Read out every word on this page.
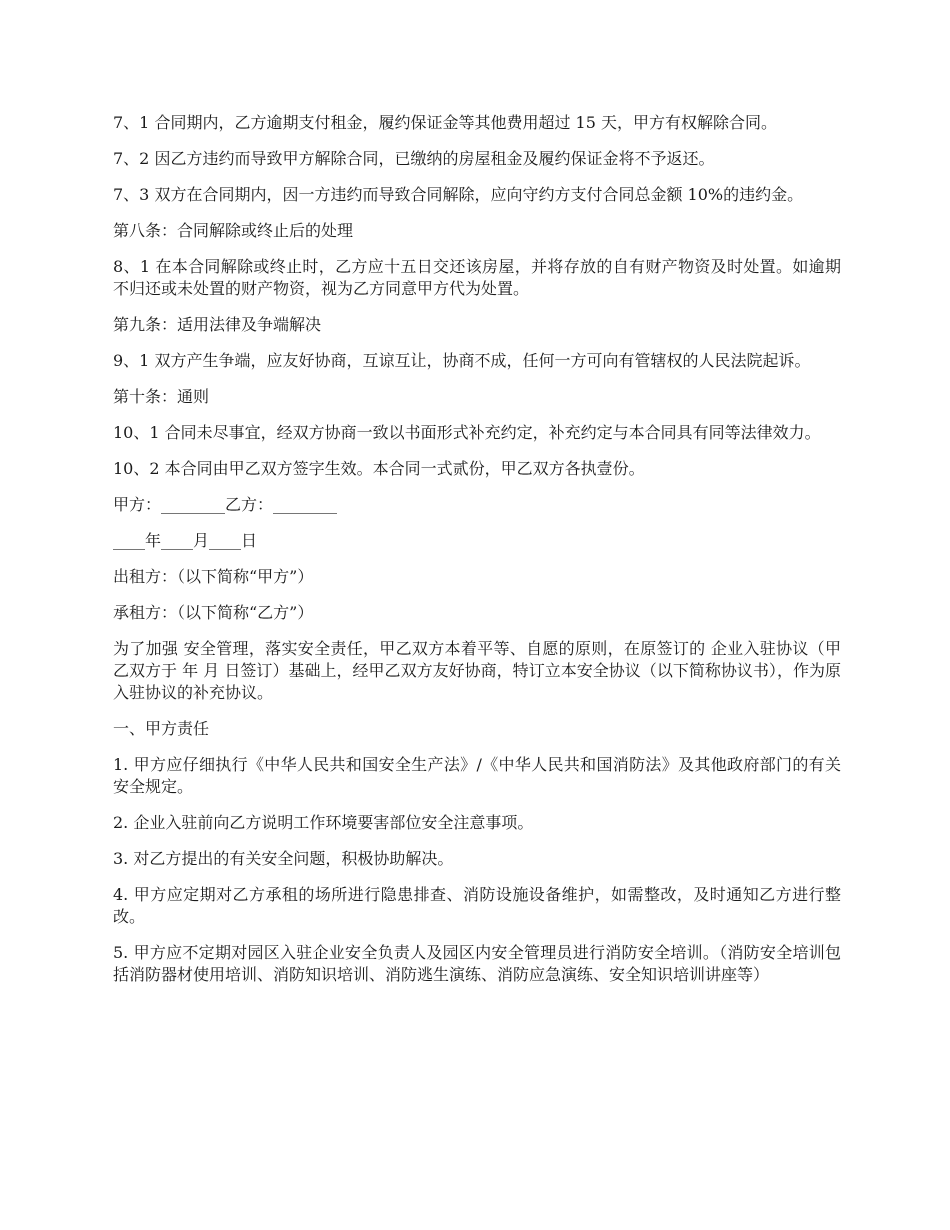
7、1 合同期内，乙方逾期支付租金，履约保证金等其他费用超过 15 天，甲方有权解除合同。

7、2 因乙方违约而导致甲方解除合同，已缴纳的房屋租金及履约保证金将不予返还。

7、3 双方在合同期内，因一方违约而导致合同解除，应向守约方支付合同总金额 10%的违约金。

第八条：合同解除或终止后的处理

8、1 在本合同解除或终止时，乙方应十五日交还该房屋，并将存放的自有财产物资及时处置。如逾期不归还或未处置的财产物资，视为乙方同意甲方代为处置。

第九条：适用法律及争端解决

9、1 双方产生争端，应友好协商，互谅互让，协商不成，任何一方可向有管辖权的人民法院起诉。

第十条：通则

10、1 合同未尽事宜，经双方协商一致以书面形式补充约定，补充约定与本合同具有同等法律效力。

10、2 本合同由甲乙双方签字生效。本合同一式贰份，甲乙双方各执壹份。

甲方：________乙方：________

____年____月____日

出租方：（以下简称“甲方”）

承租方：（以下简称“乙方”）

为了加强 安全管理，落实安全责任，甲乙双方本着平等、自愿的原则，在原签订的 企业入驻协议（甲乙双方于 年 月 日签订）基础上，经甲乙双方友好协商，特订立本安全协议（以下简称协议书），作为原入驻协议的补充协议。

一、甲方责任

1. 甲方应仔细执行《中华人民共和国安全生产法》/《中华人民共和国消防法》及其他政府部门的有关安全规定。

2. 企业入驻前向乙方说明工作环境要害部位安全注意事项。

3. 对乙方提出的有关安全问题，积极协助解决。

4. 甲方应定期对乙方承租的场所进行隐患排查、消防设施设备维护，如需整改，及时通知乙方进行整改。

5. 甲方应不定期对园区入驻企业安全负责人及园区内安全管理员进行消防安全培训。（消防安全培训包括消防器材使用培训、消防知识培训、消防逃生演练、消防应急演练、安全知识培训讲座等）
